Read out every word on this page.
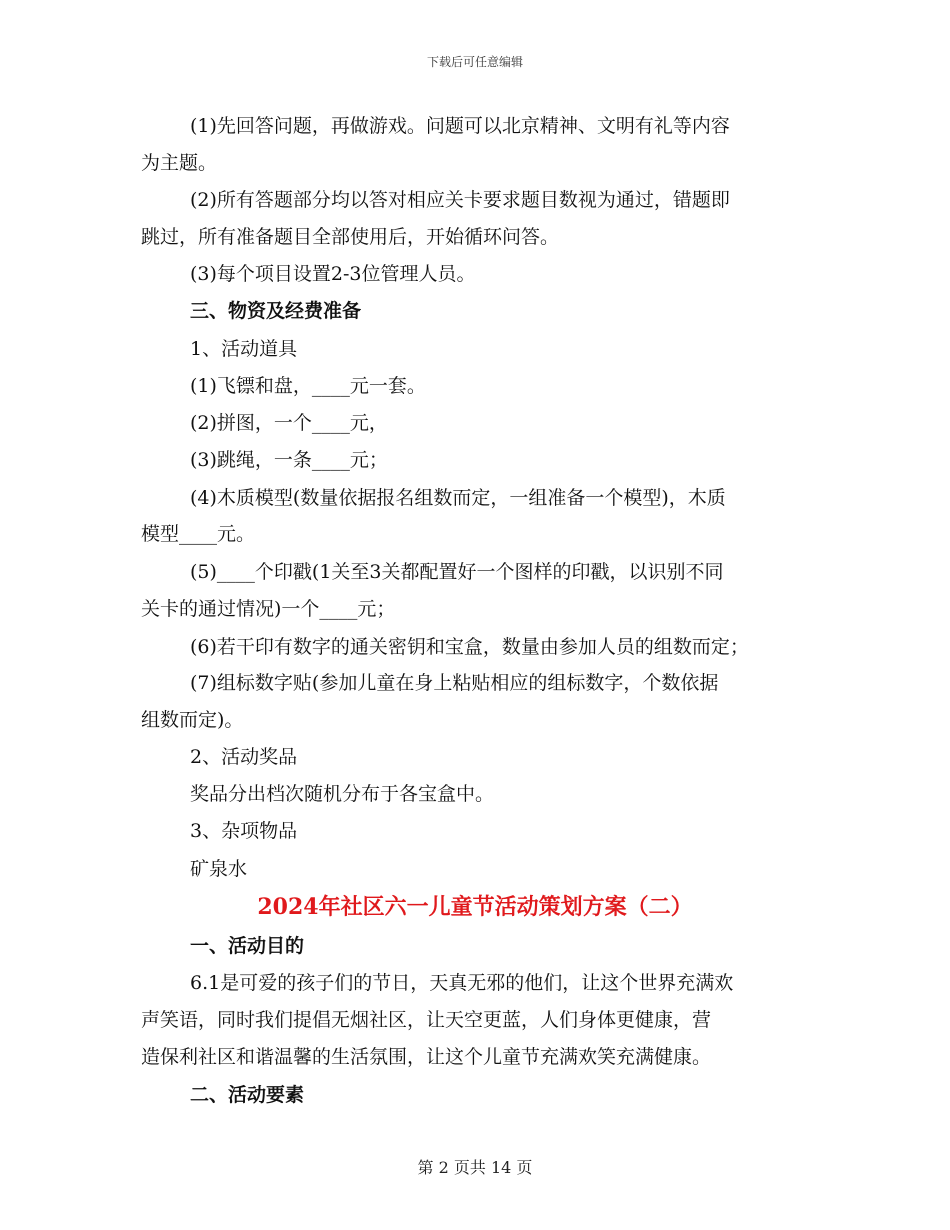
下载后可任意编辑
(1)先回答问题，再做游戏。问题可以北京精神、文明有礼等内容
为主题。
(2)所有答题部分均以答对相应关卡要求题目数视为通过，错题即
跳过，所有准备题目全部使用后，开始循环问答。
(3)每个项目设置2-3位管理人员。
三、物资及经费准备
1、活动道具
(1)飞镖和盘，____元一套。
(2)拼图，一个____元，
(3)跳绳，一条____元；
(4)木质模型(数量依据报名组数而定，一组准备一个模型)，木质
模型____元。
(5)____个印戳(1关至3关都配置好一个图样的印戳，以识别不同
关卡的通过情况)一个____元；
(6)若干印有数字的通关密钥和宝盒，数量由参加人员的组数而定；
(7)组标数字贴(参加儿童在身上粘贴相应的组标数字，个数依据
组数而定)。
2、活动奖品
奖品分出档次随机分布于各宝盒中。
3、杂项物品
矿泉水
2024年社区六一儿童节活动策划方案（二）
一、活动目的
6.1是可爱的孩子们的节日，天真无邪的他们，让这个世界充满欢
声笑语，同时我们提倡无烟社区，让天空更蓝，人们身体更健康，营
造保利社区和谐温馨的生活氛围，让这个儿童节充满欢笑充满健康。
二、活动要素
第 2 页共 14 页
